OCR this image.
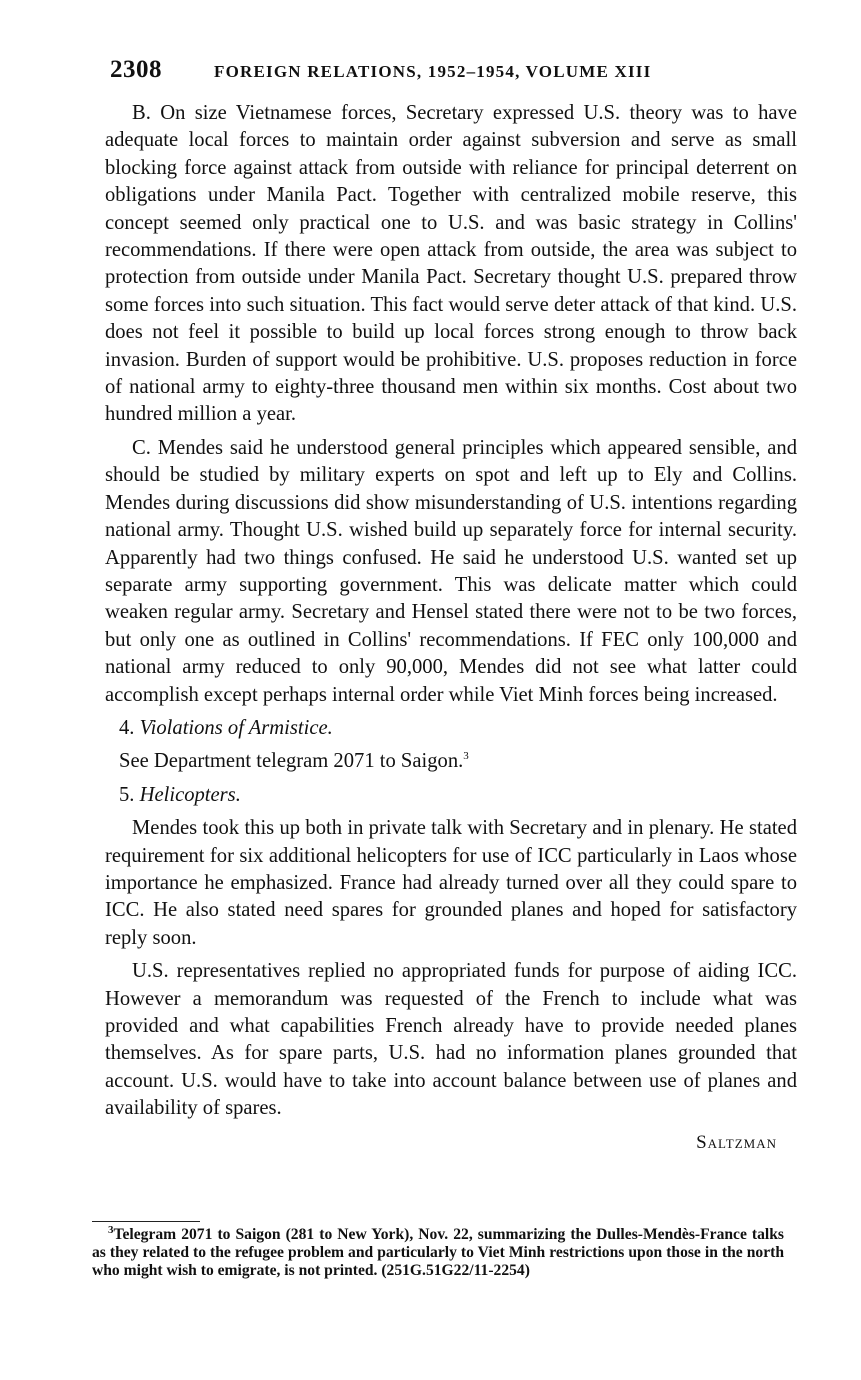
2308	FOREIGN RELATIONS, 1952–1954, VOLUME XIII

B. On size Vietnamese forces, Secretary expressed U.S. theory was to have adequate local forces to maintain order against subversion and serve as small blocking force against attack from outside with reliance for principal deterrent on obligations under Manila Pact. Together with centralized mobile reserve, this concept seemed only practical one to U.S. and was basic strategy in Collins' recommendations. If there were open attack from outside, the area was subject to protection from outside under Manila Pact. Secretary thought U.S. prepared throw some forces into such situation. This fact would serve deter attack of that kind. U.S. does not feel it possible to build up local forces strong enough to throw back invasion. Burden of support would be prohibitive. U.S. proposes reduction in force of national army to eighty-three thousand men within six months. Cost about two hundred million a year.

C. Mendes said he understood general principles which appeared sensible, and should be studied by military experts on spot and left up to Ely and Collins. Mendes during discussions did show misunderstanding of U.S. intentions regarding national army. Thought U.S. wished build up separately force for internal security. Apparently had two things confused. He said he understood U.S. wanted set up separate army supporting government. This was delicate matter which could weaken regular army. Secretary and Hensel stated there were not to be two forces, but only one as outlined in Collins' recommendations. If FEC only 100,000 and national army reduced to only 90,000, Mendes did not see what latter could accomplish except perhaps internal order while Viet Minh forces being increased.

4. Violations of Armistice.
See Department telegram 2071 to Saigon.$^3$
5. Helicopters.

Mendes took this up both in private talk with Secretary and in plenary. He stated requirement for six additional helicopters for use of ICC particularly in Laos whose importance he emphasized. France had already turned over all they could spare to ICC. He also stated need spares for grounded planes and hoped for satisfactory reply soon.

U.S. representatives replied no appropriated funds for purpose of aiding ICC. However a memorandum was requested of the French to include what was provided and what capabilities French already have to provide needed planes themselves. As for spare parts, U.S. had no information planes grounded that account. U.S. would have to take into account balance between use of planes and availability of spares.

Saltzman
$^3$Telegram 2071 to Saigon (281 to New York), Nov. 22, summarizing the Dulles-Mendès-France talks as they related to the refugee problem and particularly to Viet Minh restrictions upon those in the north who might wish to emigrate, is not printed. (251G.51G22/11-2254)
